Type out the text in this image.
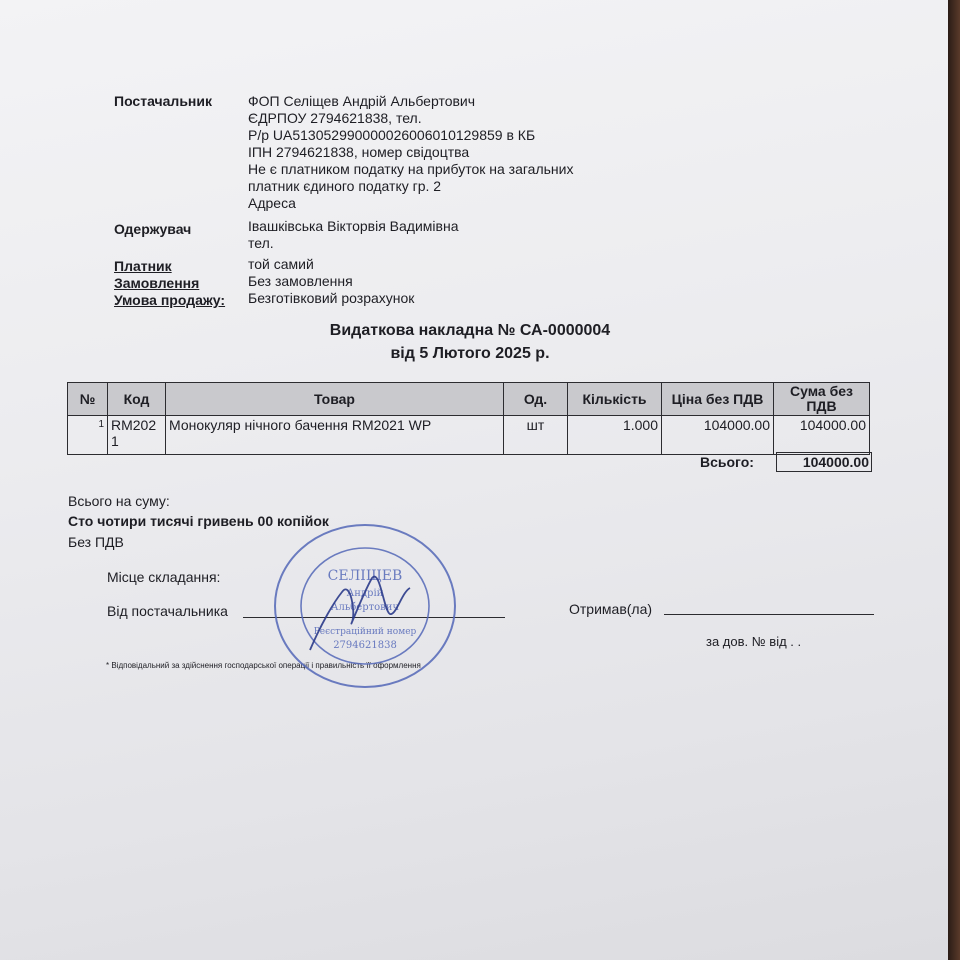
Постачальник	ФОП Селіщев Андрій Альбертович
ЄДРПОУ 2794621838, тел.
Р/р UA513052990000026006010129859 в КБ
ІПН 2794621838, номер свідоцтва
Не є платником податку на прибуток на загальних
платник єдиного податку гр. 2
Адреса
Одержувач	Івашківська Вікторвія Вадимівна
тел.
Платник	той самий
Замовлення	Без замовлення
Умова продажу: Безготівковий розрахунок
Видаткова накладна № СА-0000004
від 5 Лютого 2025 р.
№	Код	Товар	Од.	Кількість	Ціна без ПДВ	Сума без ПДВ
1	RM2021	Монокуляр нічного бачення RM2021 WP	шт	1.000	104000.00	104000.00
Всього:	104000.00
Всього на суму:
Сто чотири тисячі гривень 00 копійок
Без ПДВ
Місце складання:
Від постачальника	Отримав(ла)
за дов. № від . .
* Відповідальний за здійснення господарської операції і правильність її оформлення
СЕЛІЩЕВ
Андрій
Альбертович
Реєстраційний номер
2794621838
